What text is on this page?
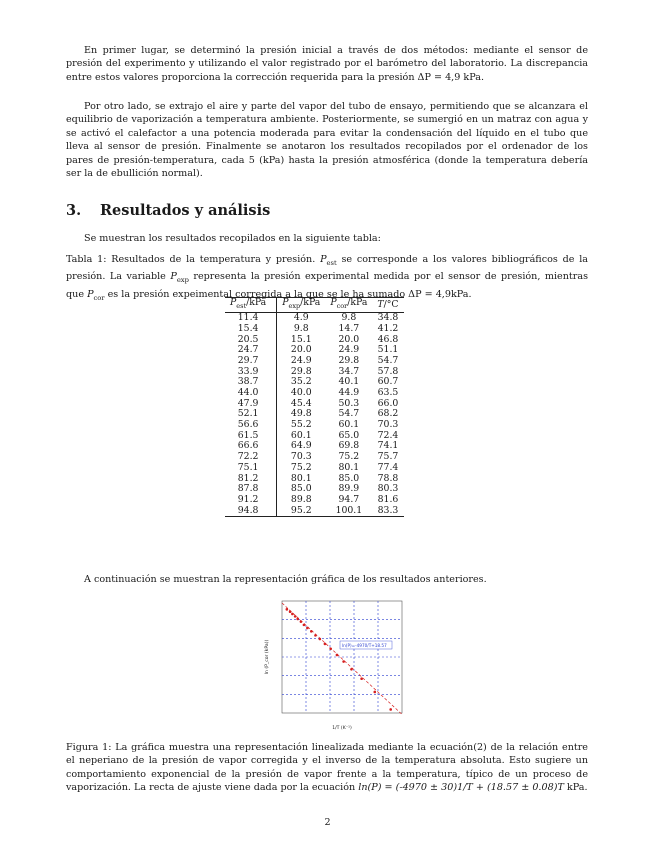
En primer lugar, se determinó la presión inicial a través de dos métodos: mediante el sensor de presión del experimento y utilizando el valor registrado por el barómetro del laboratorio. La discrepancia entre estos valores proporciona la corrección requerida para la presión ΔP = 4,9 kPa.

Por otro lado, se extrajo el aire y parte del vapor del tubo de ensayo, permitiendo que se alcanzara el equilibrio de vaporización a temperatura ambiente. Posteriormente, se sumergió en un matraz con agua y se activó el calefactor a una potencia moderada para evitar la condensación del líquido en el tubo que lleva al sensor de presión. Finalmente se anotaron los resultados recopilados por el ordenador de los pares de presión-temperatura, cada 5 (kPa) hasta la presión atmosférica (donde la temperatura debería ser la de ebullición normal).

3. Resultados y análisis

Se muestran los resultados recopilados en la siguiente tabla:

Tabla 1: Resultados de la temperatura y presión. $P_{est}$ se corresponde a los valores bibliográficos de la presión. La variable $P_{exp}$ representa la presión experimental medida por el sensor de presión, mientras que $P_{cor}$ es la presión expeimental corregida a la que se le ha sumado ΔP = 4,9kPa.

$P_{est}$/kPa	$P_{exp}$/kPa	$P_{cor}$/kPa	T/°C
11.4	4.9	9.8	34.8
15.4	9.8	14.7	41.2
20.5	15.1	20.0	46.8
24.7	20.0	24.9	51.1
29.7	24.9	29.8	54.7
33.9	29.8	34.7	57.8
38.7	35.2	40.1	60.7
44.0	40.0	44.9	63.5
47.9	45.4	50.3	66.0
52.1	49.8	54.7	68.2
56.6	55.2	60.1	70.3
61.5	60.1	65.0	72.4
66.6	64.9	69.8	74.1
72.2	70.3	75.2	75.7
75.1	75.2	80.1	77.4
81.2	80.1	85.0	78.8
87.8	85.0	89.9	80.3
91.2	89.8	94.7	81.6
94.8	95.2	100.1	83.3

A continuación se muestran la representación gráfica de los resultados anteriores.

ln(P)=-4970/T+18.57
1/T (K⁻¹)
ln (P_cor (kPa))

Figura 1: La gráfica muestra una representación linealizada mediante la ecuación(2) de la relación entre el neperiano de la presión de vapor corregida y el inverso de la temperatura absoluta. Esto sugiere un comportamiento exponencial de la presión de vapor frente a la temperatura, típico de un proceso de vaporización. La recta de ajuste viene dada por la ecuación ln(P) = (-4970 ± 30)1/T + (18.57 ± 0.08)T kPa.

2
